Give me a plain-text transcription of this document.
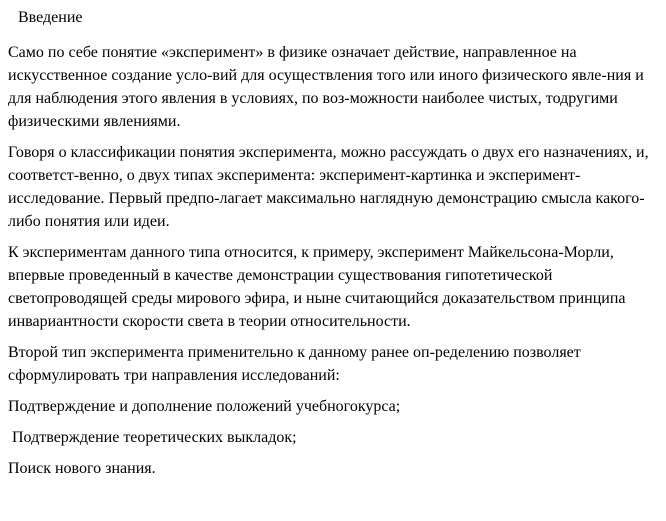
Введение

Само по себе понятие «эксперимент» в физике означает действие, направленное на искусственное создание усло-вий для осуществления того или иного физического явле-ния и для наблюдения этого явления в условиях, по воз-можности наиболее чистых, тодругими физическими явлениями.

Говоря о классификации понятия эксперимента, можно рассуждать о двух его назначениях, и, соответст-венно, о двух типах эксперимента: эксперимент-картинка и эксперимент-исследование. Первый предпо-лагает максимально наглядную демонстрацию смысла какого-либо понятия или идеи.

К экспериментам данного типа относится, к примеру, эксперимент Майкельсона-Морли, впервые проведенный в качестве демонстрации существования гипотетической светопроводящей среды мирового эфира, и ныне считающийся доказательством принципа инвариантности скорости света в теории относительности.

Второй тип эксперимента применительно к данному ранее оп-ределению позволяет сформулировать три направления исследований:

Подтверждение и дополнение положений учебногокурса;

Подтверждение теоретических выкладок;

Поиск нового знания.
